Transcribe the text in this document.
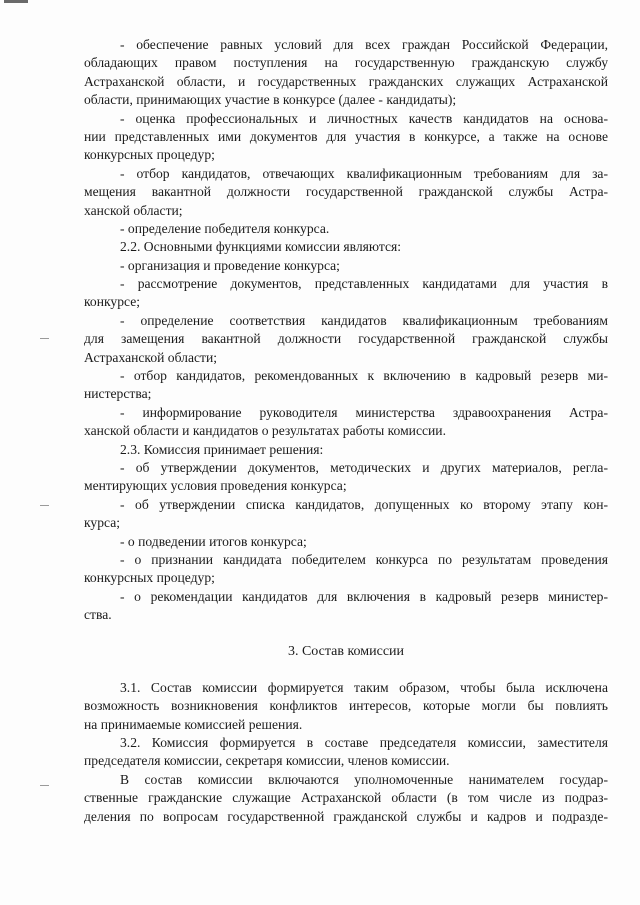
- обеспечение равных условий для всех граждан Российской Федерации,
обладающих правом поступления на государственную гражданскую службу
Астраханской области, и государственных гражданских служащих Астраханской
области, принимающих участие в конкурсе (далее - кандидаты);
- оценка профессиональных и личностных качеств кандидатов на основа-
нии представленных ими документов для участия в конкурсе, а также на основе
конкурсных процедур;
- отбор кандидатов, отвечающих квалификационным требованиям для за-
мещения вакантной должности государственной гражданской службы Астра-
ханской области;
- определение победителя конкурса.
2.2. Основными функциями комиссии являются:
- организация и проведение конкурса;
- рассмотрение документов, представленных кандидатами для участия в
конкурсе;
- определение соответствия кандидатов квалификационным требованиям
для замещения вакантной должности государственной гражданской службы
Астраханской области;
- отбор кандидатов, рекомендованных к включению в кадровый резерв ми-
нистерства;
- информирование руководителя министерства здравоохранения Астра-
ханской области и кандидатов о результатах работы комиссии.
2.3. Комиссия принимает решения:
- об утверждении документов, методических и других материалов, регла-
ментирующих условия проведения конкурса;
- об утверждении списка кандидатов, допущенных ко второму этапу кон-
курса;
- о подведении итогов конкурса;
- о признании кандидата победителем конкурса по результатам проведения
конкурсных процедур;
- о рекомендации кандидатов для включения в кадровый резерв министер-
ства.
3. Состав комиссии
3.1. Состав комиссии формируется таким образом, чтобы была исключена
возможность возникновения конфликтов интересов, которые могли бы повлиять
на принимаемые комиссией решения.
3.2. Комиссия формируется в составе председателя комиссии, заместителя
председателя комиссии, секретаря комиссии, членов комиссии.
В состав комиссии включаются уполномоченные нанимателем государ-
ственные гражданские служащие Астраханской области (в том числе из подраз-
деления по вопросам государственной гражданской службы и кадров и подразде-
